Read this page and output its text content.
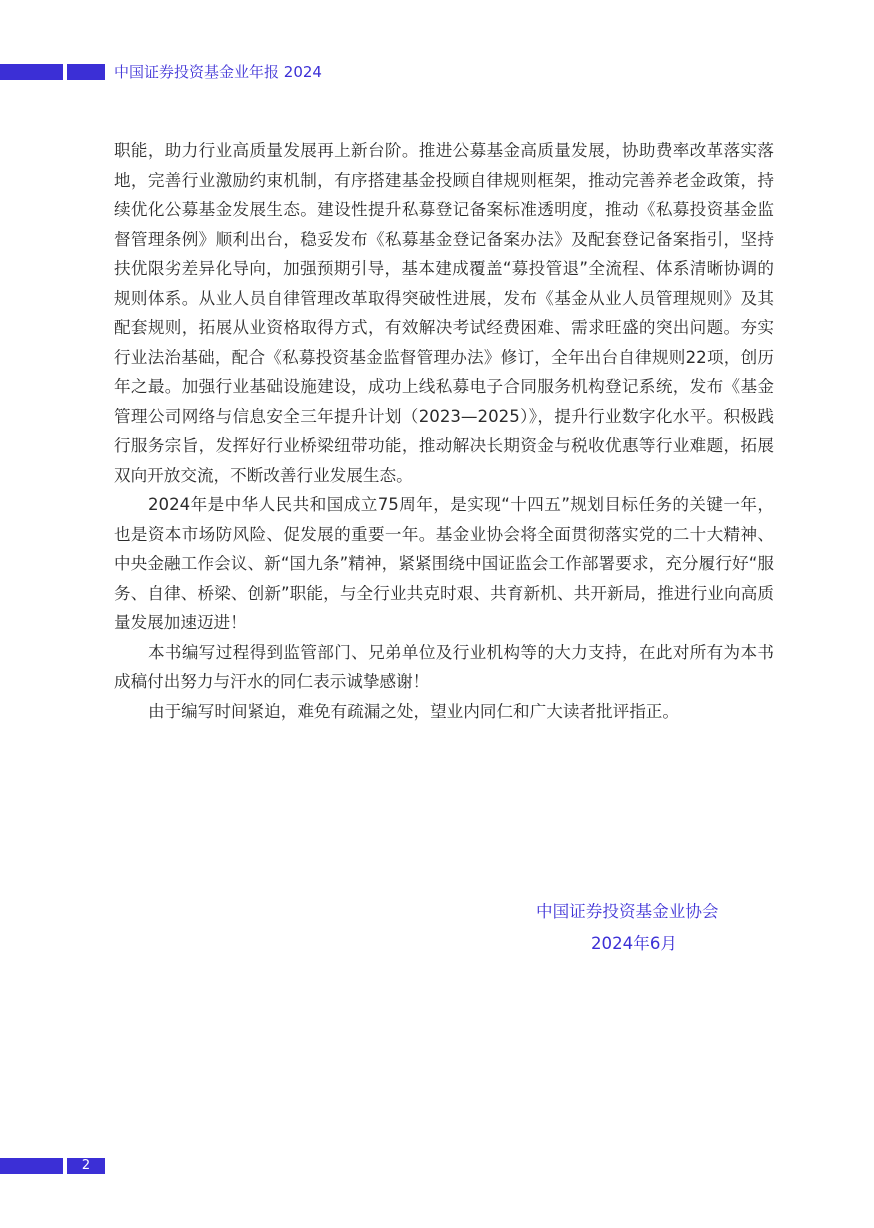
中国证券投资基金业年报 2024

职能，助力行业高质量发展再上新台阶。推进公募基金高质量发展，协助费率改革落实落地，完善行业激励约束机制，有序搭建基金投顾自律规则框架，推动完善养老金政策，持续优化公募基金发展生态。建设性提升私募登记备案标准透明度，推动《私募投资基金监督管理条例》顺利出台，稳妥发布《私募基金登记备案办法》及配套登记备案指引，坚持扶优限劣差异化导向，加强预期引导，基本建成覆盖“募投管退”全流程、体系清晰协调的规则体系。从业人员自律管理改革取得突破性进展，发布《基金从业人员管理规则》及其配套规则，拓展从业资格取得方式，有效解决考试经费困难、需求旺盛的突出问题。夯实行业法治基础，配合《私募投资基金监督管理办法》修订，全年出台自律规则22项，创历年之最。加强行业基础设施建设，成功上线私募电子合同服务机构登记系统，发布《基金管理公司网络与信息安全三年提升计划（2023—2025）》，提升行业数字化水平。积极践行服务宗旨，发挥好行业桥梁纽带功能，推动解决长期资金与税收优惠等行业难题，拓展双向开放交流，不断改善行业发展生态。

2024年是中华人民共和国成立75周年，是实现“十四五”规划目标任务的关键一年，也是资本市场防风险、促发展的重要一年。基金业协会将全面贯彻落实党的二十大精神、中央金融工作会议、新“国九条”精神，紧紧围绕中国证监会工作部署要求，充分履行好“服务、自律、桥梁、创新”职能，与全行业共克时艰、共育新机、共开新局，推进行业向高质量发展加速迈进！

本书编写过程得到监管部门、兄弟单位及行业机构等的大力支持，在此对所有为本书成稿付出努力与汗水的同仁表示诚挚感谢！

由于编写时间紧迫，难免有疏漏之处，望业内同仁和广大读者批评指正。

中国证券投资基金业协会
2024年6月
2
